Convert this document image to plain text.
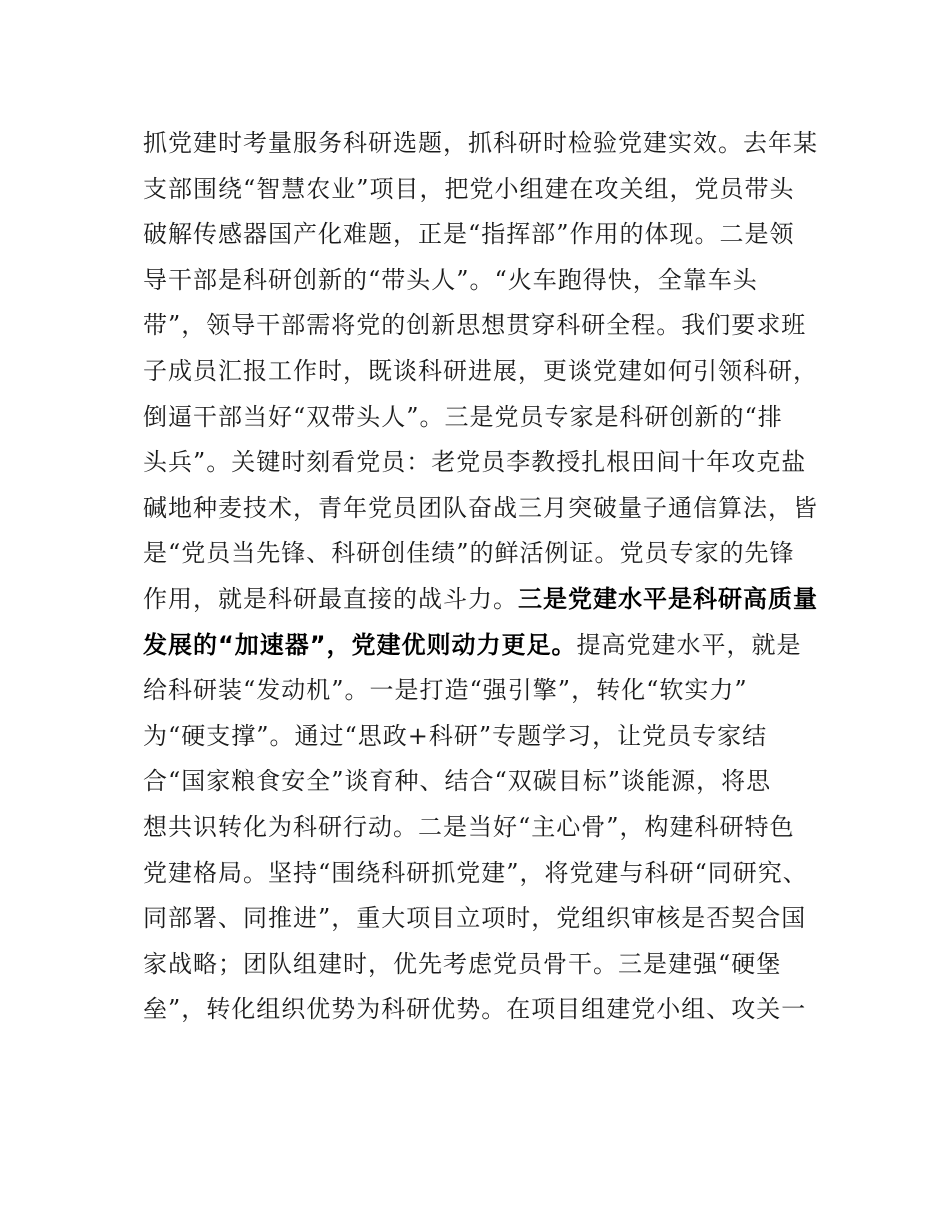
抓党建时考量服务科研选题，抓科研时检验党建实效。去年某
支部围绕“智慧农业”项目，把党小组建在攻关组，党员带头
破解传感器国产化难题，正是“指挥部”作用的体现。二是领
导干部是科研创新的“带头人”。“火车跑得快，全靠车头
带”，领导干部需将党的创新思想贯穿科研全程。我们要求班
子成员汇报工作时，既谈科研进展，更谈党建如何引领科研，
倒逼干部当好“双带头人”。三是党员专家是科研创新的“排
头兵”。关键时刻看党员：老党员李教授扎根田间十年攻克盐
碱地种麦技术，青年党员团队奋战三月突破量子通信算法，皆
是“党员当先锋、科研创佳绩”的鲜活例证。党员专家的先锋
作用，就是科研最直接的战斗力。三是党建水平是科研高质量
发展的“加速器”，党建优则动力更足。提高党建水平，就是
给科研装“发动机”。一是打造“强引擎”，转化“软实力”
为“硬支撑”。通过“思政+科研”专题学习，让党员专家结
合“国家粮食安全”谈育种、结合“双碳目标”谈能源，将思
想共识转化为科研行动。二是当好“主心骨”，构建科研特色
党建格局。坚持“围绕科研抓党建”，将党建与科研“同研究、
同部署、同推进”，重大项目立项时，党组织审核是否契合国
家战略；团队组建时，优先考虑党员骨干。三是建强“硬堡
垒”，转化组织优势为科研优势。在项目组建党小组、攻关一
